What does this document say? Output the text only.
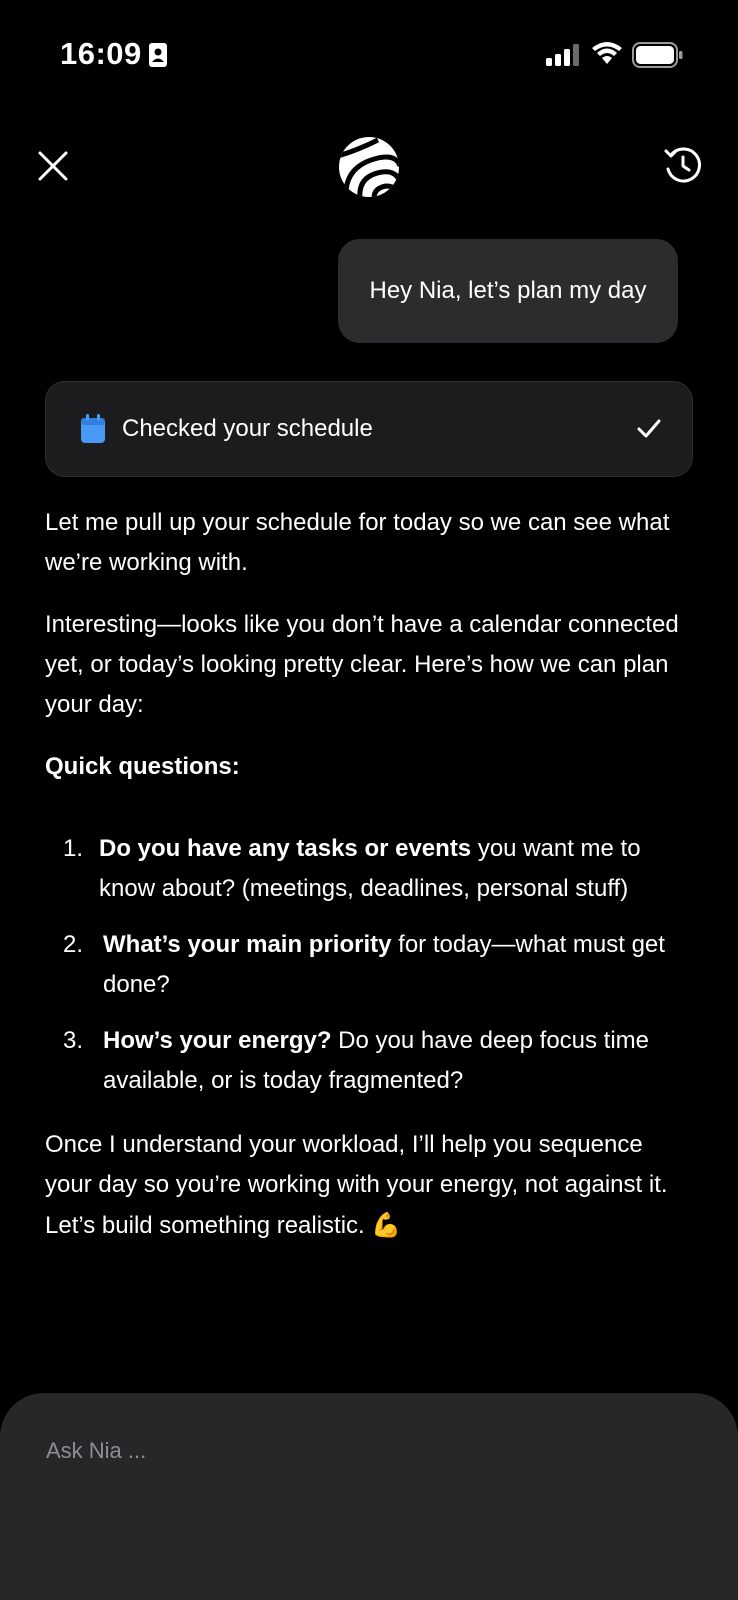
16:09
Hey Nia, let’s plan my day
Checked your schedule

Let me pull up your schedule for today so we can see what we’re working with.

Interesting—looks like you don’t have a calendar connected yet, or today’s looking pretty clear. Here’s how we can plan your day:

Quick questions:

1. Do you have any tasks or events you want me to know about? (meetings, deadlines, personal stuff)
2. What’s your main priority for today—what must get done?
3. How’s your energy? Do you have deep focus time available, or is today fragmented?

Once I understand your workload, I’ll help you sequence your day so you’re working with your energy, not against it. Let’s build something realistic. 💪

Ask Nia ...
